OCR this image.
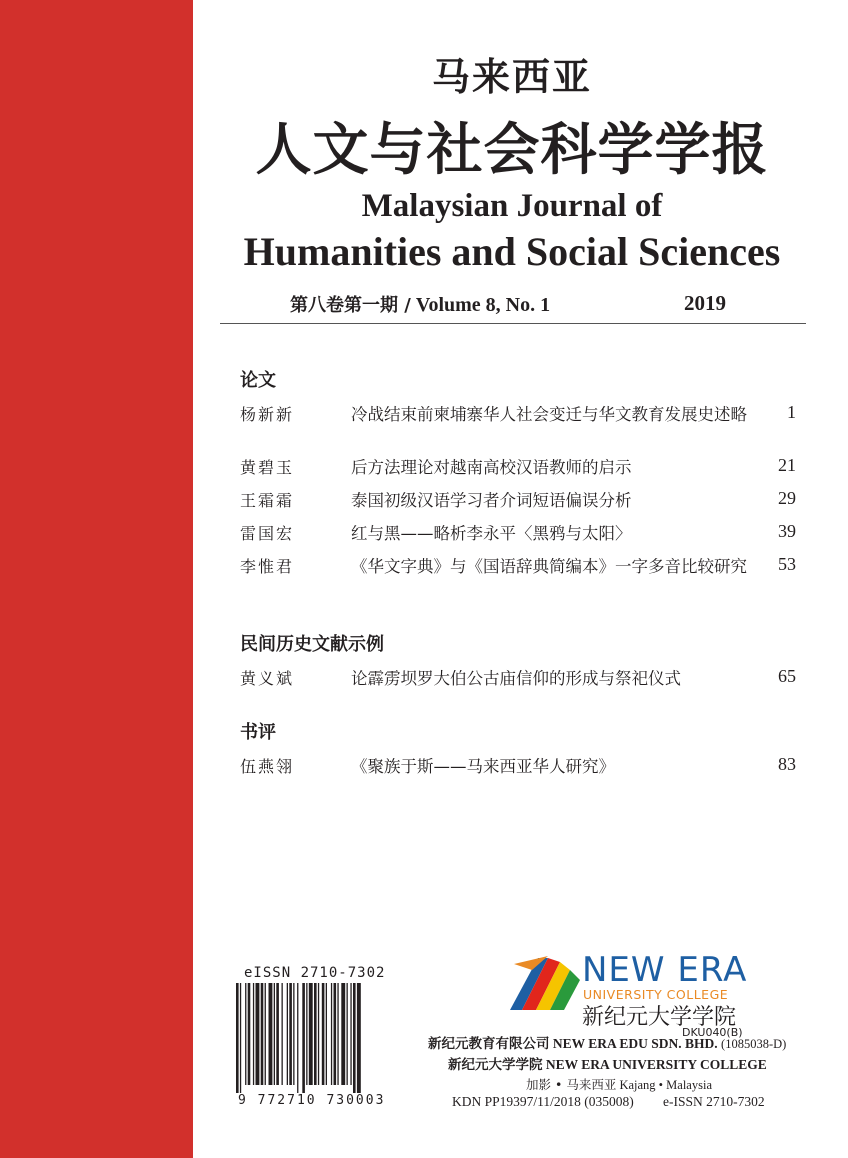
马来西亚
人文与社会科学学报
Malaysian Journal of
Humanities and Social Sciences
第八卷第一期 / Volume 8, No. 1	2019
论文
杨新新	冷战结束前柬埔寨华人社会变迁与华文教育发展史述略	1
黄碧玉	后方法理论对越南高校汉语教师的启示	21
王霜霜	泰国初级汉语学习者介词短语偏误分析	29
雷国宏	红与黑——略析李永平〈黑鸦与太阳〉	39
李惟君	《华文字典》与《国语辞典简编本》一字多音比较研究	53
民间历史文献示例
黄义斌	论霹雳坝罗大伯公古庙信仰的形成与祭祀仪式	65
书评
伍燕翎	《聚族于斯——马来西亚华人研究》	83
eISSN 2710-7302
9 772710 730003
NEW ERA
UNIVERSITY COLLEGE
新纪元大学学院
DKU040(B)
新纪元教育有限公司 NEW ERA EDU SDN. BHD. (1085038-D)
新纪元大学学院 NEW ERA UNIVERSITY COLLEGE
加影 • 马来西亚 Kajang • Malaysia
KDN PP19397/11/2018 (035008) e-ISSN 2710-7302
